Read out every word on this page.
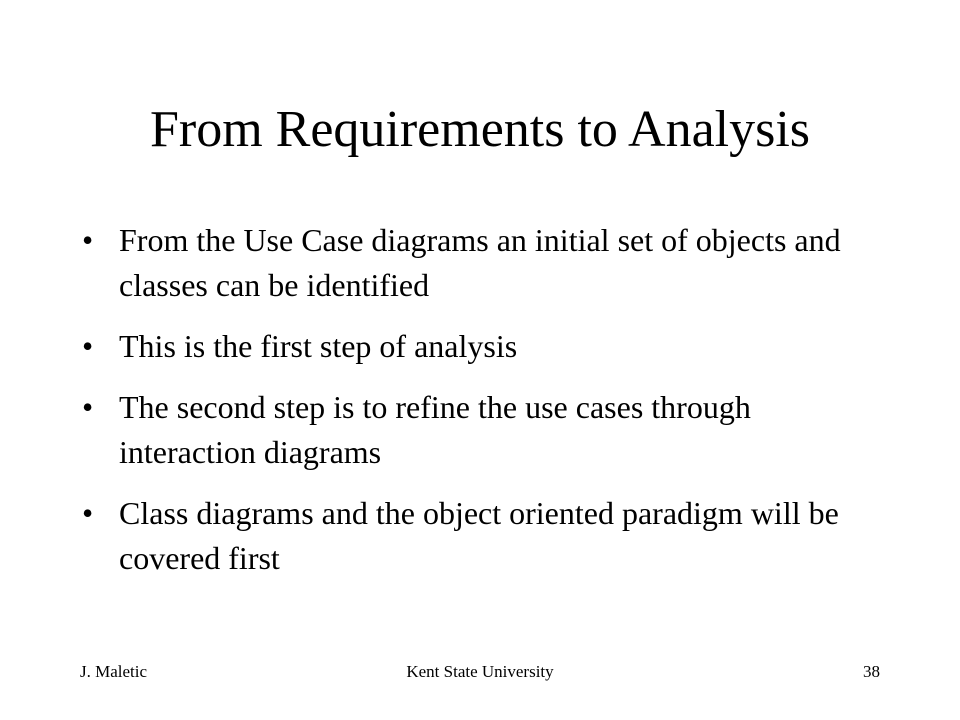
From Requirements to Analysis
• From the Use Case diagrams an initial set of objects and classes can be identified
• This is the first step of analysis
• The second step is to refine the use cases through interaction diagrams
• Class diagrams and the object oriented paradigm will be covered first
J. Maletic	Kent State University	38
